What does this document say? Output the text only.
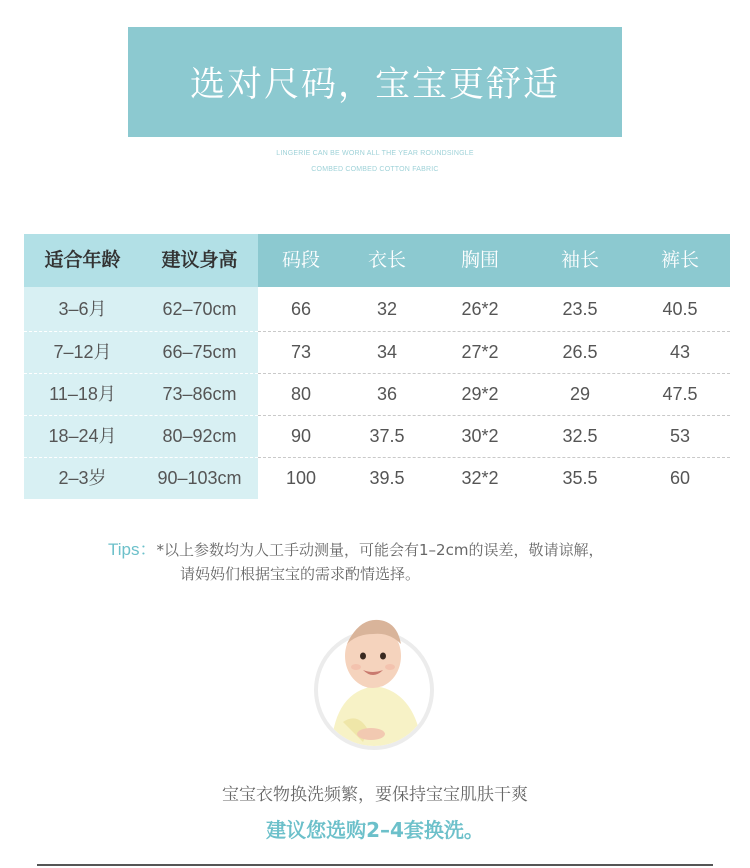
选对尺码，宝宝更舒适
LINGERIE CAN BE WORN ALL THE YEAR ROUNDSINGLE
COMBED COMBED COTTON FABRIC
适合年龄	建议身高	码段	衣长	胸围	袖长	裤长
3–6月	62–70cm	66	32	26*2	23.5	40.5
7–12月	66–75cm	73	34	27*2	26.5	43
11–18月	73–86cm	80	36	29*2	29	47.5
18–24月	80–92cm	90	37.5	30*2	32.5	53
2–3岁	90–103cm	100	39.5	32*2	35.5	60
Tips：*以上参数均为人工手动测量，可能会有1–2cm的误差，敬请谅解，
请妈妈们根据宝宝的需求酌情选择。
宝宝衣物换洗频繁，要保持宝宝肌肤干爽
建议您选购2–4套换洗。
